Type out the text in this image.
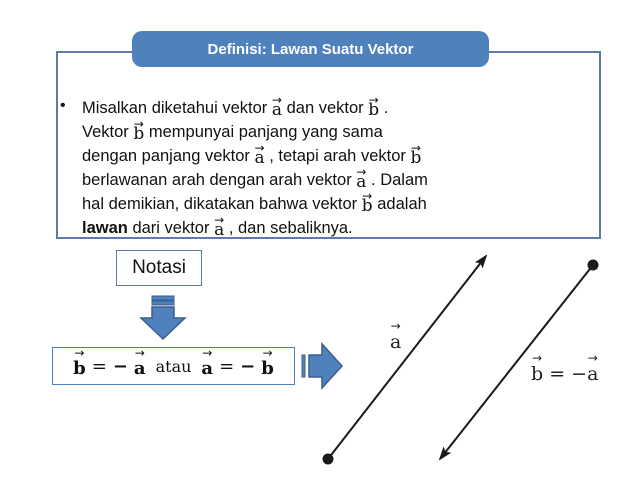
Definisi: Lawan Suatu Vektor
• Misalkan diketahui vektor → a dan vektor → b .
Vektor → b mempunyai panjang yang sama
dengan panjang vektor → a , tetapi arah vektor → b
berlawanan arah dengan arah vektor → a . Dalam
hal demikian, dikatakan bahwa vektor → b adalah
lawan dari vektor → a , dan sebaliknya.
Notasi
→ b = − → a atau → a = − → b
→ a
→ b = −→ a
